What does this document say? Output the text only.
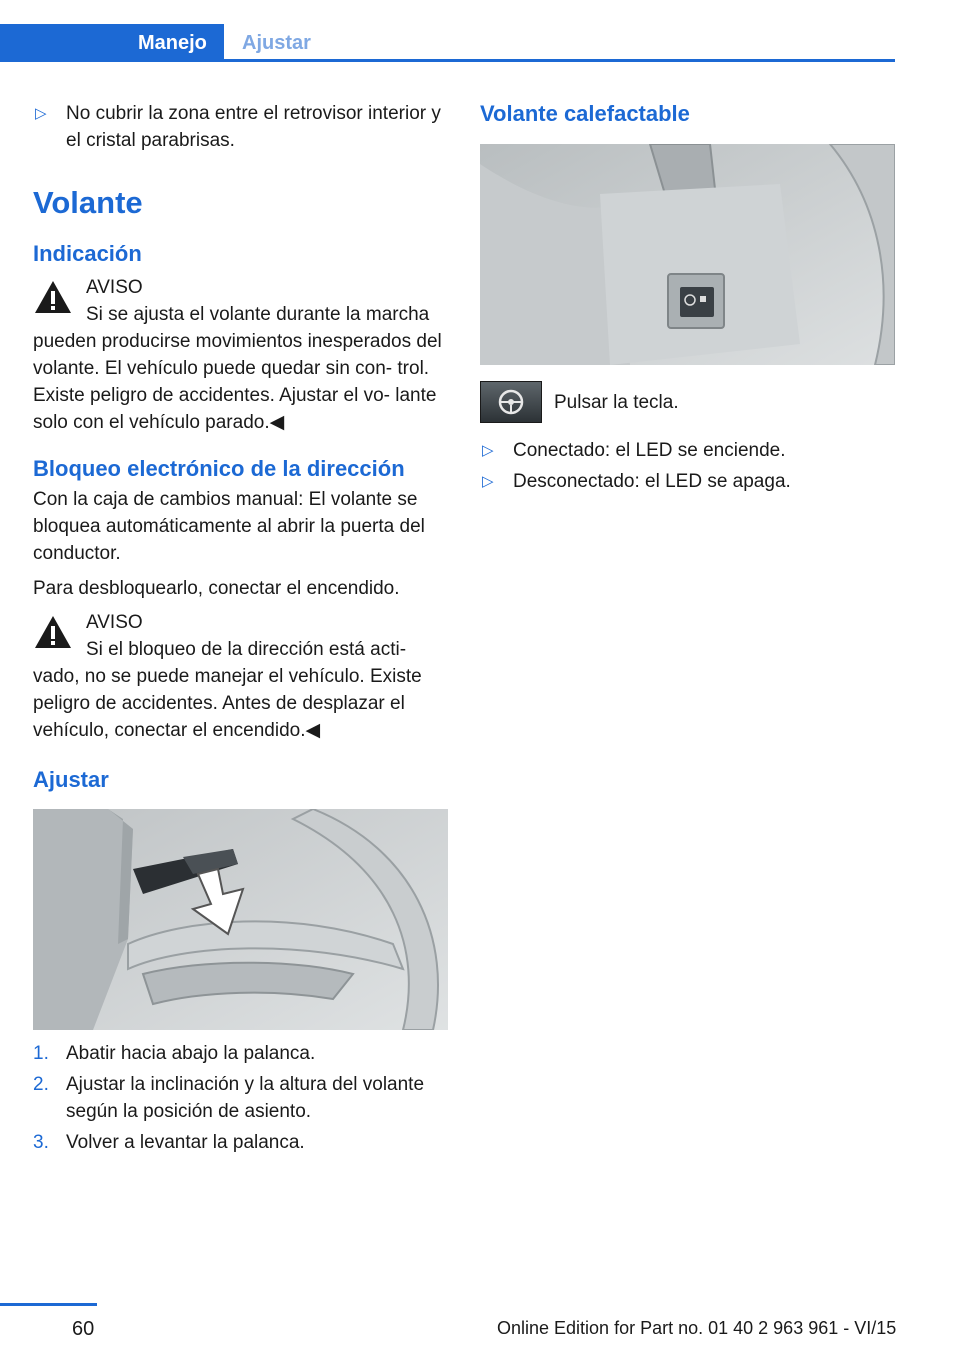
Manejo	Ajustar
▷ No cubrir la zona entre el retrovisor interior y el cristal parabrisas.
Volante
Indicación

AVISO

Si se ajusta el volante durante la marcha

pueden producirse movimientos inesperados del volante. El vehículo puede quedar sin con‐ trol. Existe peligro de accidentes. Ajustar el vo‐ lante solo con el vehículo parado.◀

Bloqueo electrónico de la dirección

Con la caja de cambios manual: El volante se bloquea automáticamente al abrir la puerta del conductor.

Para desbloquearlo, conectar el encendido.

AVISO

Si el bloqueo de la dirección está acti‐

vado, no se puede manejar el vehículo. Existe peligro de accidentes. Antes de desplazar el vehículo, conectar el encendido.◀

Ajustar
1. Abatir hacia abajo la palanca.
2. Ajustar la inclinación y la altura del volante según la posición de asiento.
3. Volver a levantar la palanca.
Volante calefactable

Pulsar la tecla.

▷ Conectado: el LED se enciende.
▷ Desconectado: el LED se apaga.
60	Online Edition for Part no. 01 40 2 963 961 - VI/15
